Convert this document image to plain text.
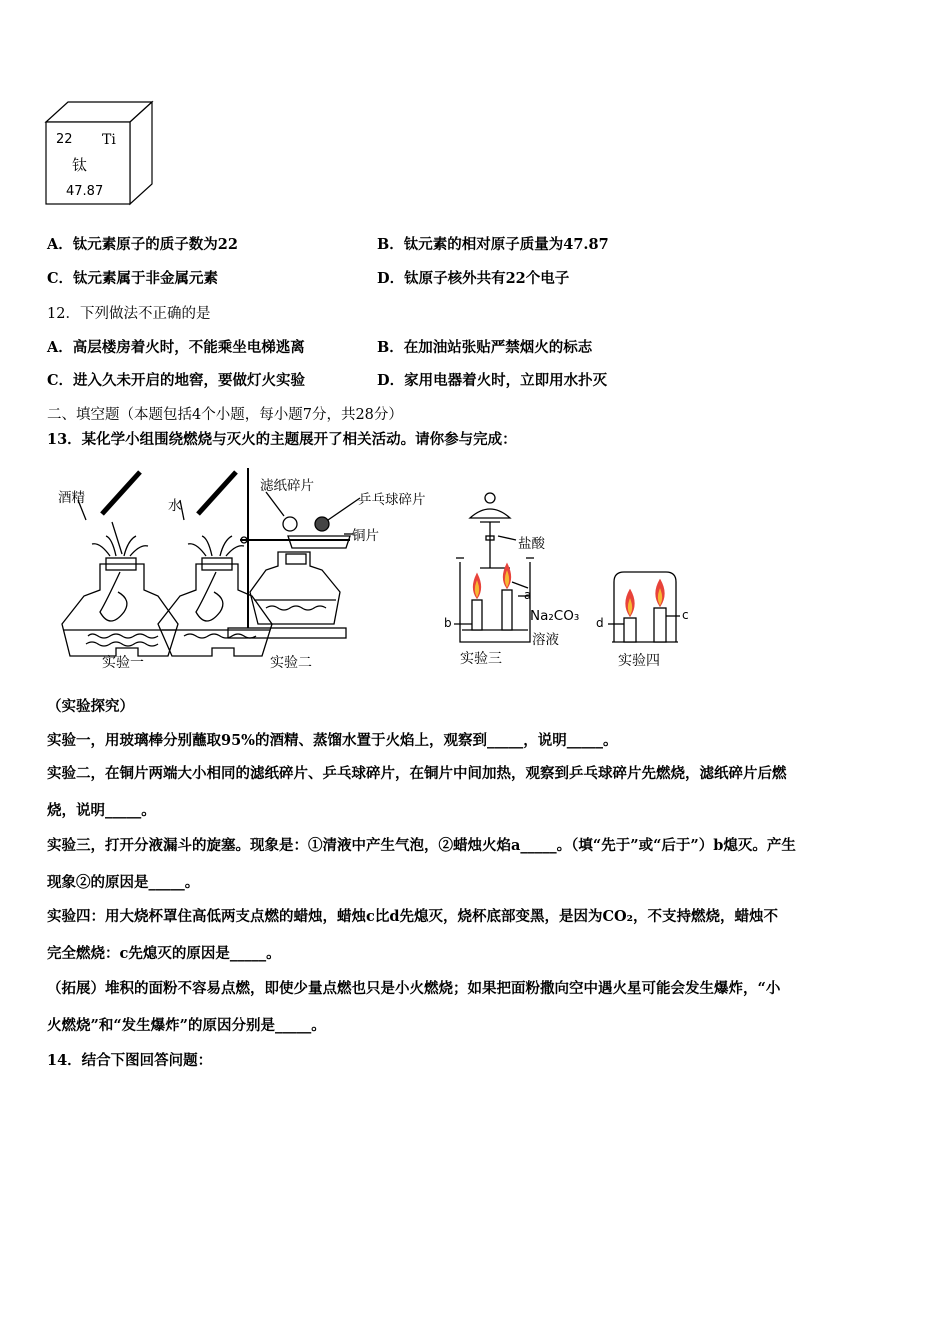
22 Ti
钛
47.87
A．钛元素原子的质子数为22	B．钛元素的相对原子质量为47.87
C．钛元素属于非金属元素	D．钛原子核外共有22个电子
12．下列做法不正确的是
A．高层楼房着火时，不能乘坐电梯逃离	B．在加油站张贴严禁烟火的标志
C．进入久未开启的地窖，要做灯火实验	D．家用电器着火时，立即用水扑灭
二、填空题（本题包括4个小题，每小题7分，共28分）
13．某化学小组围绕燃烧与灭火的主题展开了相关活动。请你参与完成：
酒精	水
实验一
滤纸碎片
乒乓球碎片
铜片
实验二
盐酸
a
b	Na₂CO₃
溶液
实验三
d
c
实验四
（实验探究）
实验一，用玻璃棒分别蘸取95%的酒精、蒸馏水置于火焰上，观察到_____，说明_____。
实验二，在铜片两端大小相同的滤纸碎片、乒乓球碎片，在铜片中间加热，观察到乒乓球碎片先燃烧，滤纸碎片后燃
烧，说明_____。
实验三，打开分液漏斗的旋塞。现象是：①清液中产生气泡，②蜡烛火焰a_____。（填“先于”或“后于”）b熄灭。产生
现象②的原因是_____。
实验四：用大烧杯罩住高低两支点燃的蜡烛，蜡烛c比d先熄灭，烧杯底部变黑，是因为CO₂，不支持燃烧，蜡烛不
完全燃烧：c先熄灭的原因是_____。
（拓展）堆积的面粉不容易点燃，即使少量点燃也只是小火燃烧；如果把面粉撒向空中遇火星可能会发生爆炸，“小
火燃烧”和“发生爆炸”的原因分别是_____。
14．结合下图回答问题：
